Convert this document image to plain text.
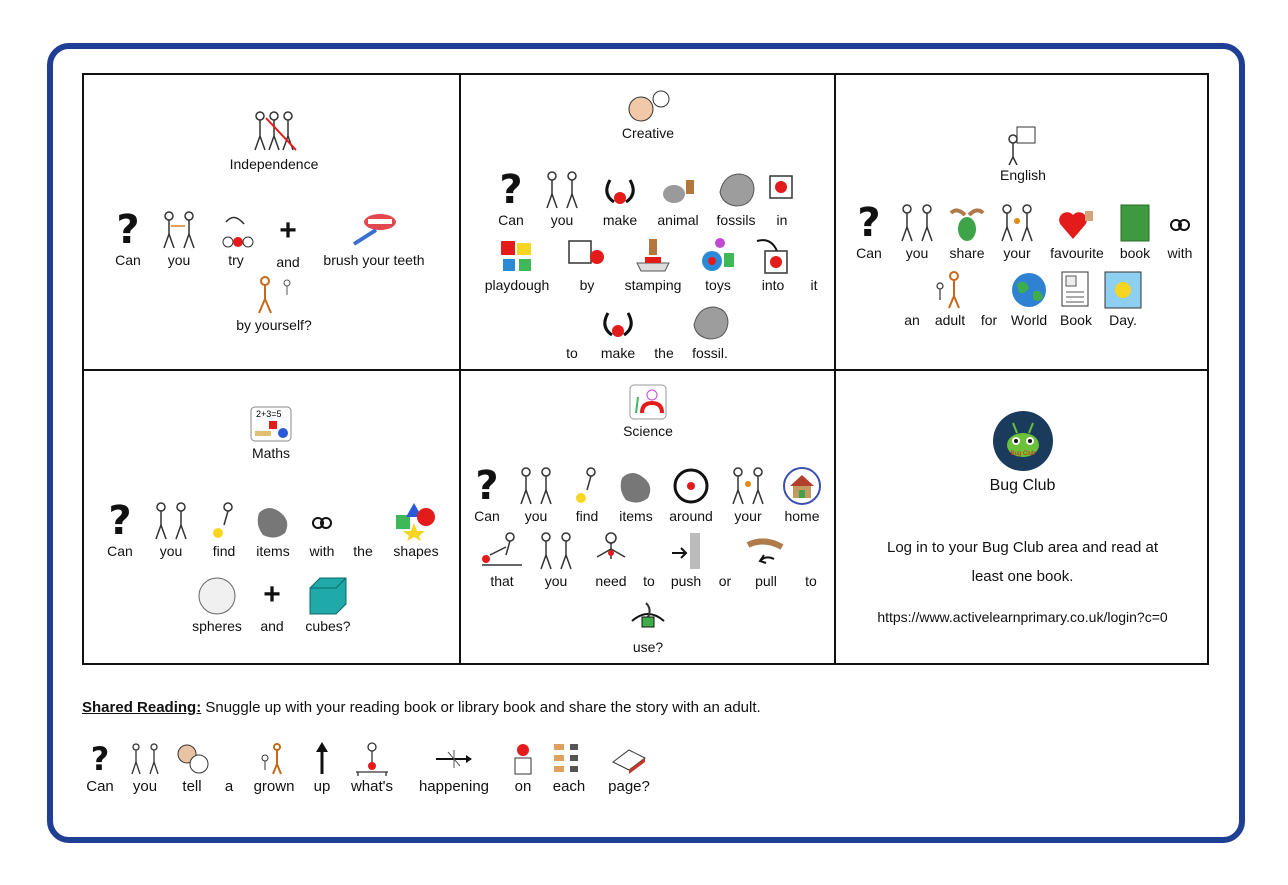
Independence
?
Can you	try
+
and brush your teeth
by yourself?
Creative
?
Can you make animal fossils in
playdough by stamping toys into it
to make the fossil.
English
?
Can you share your favourite book with
an adult for World Book Day.
2+3=5
Maths
?
Can you find items with the shapes
spheres
+
and cubes?
Science
?
Can you find items around your home
that you need to push or pull to
use?
Bug Club
Bug Club
Log in to your Bug Club area and read at
least one book.
https://www.activelearnprimary.co.uk/login?c=0
Shared Reading: Snuggle up with your reading book or library book and share the story with an adult.
?
Can you tell a grown up what's happening on each page?
